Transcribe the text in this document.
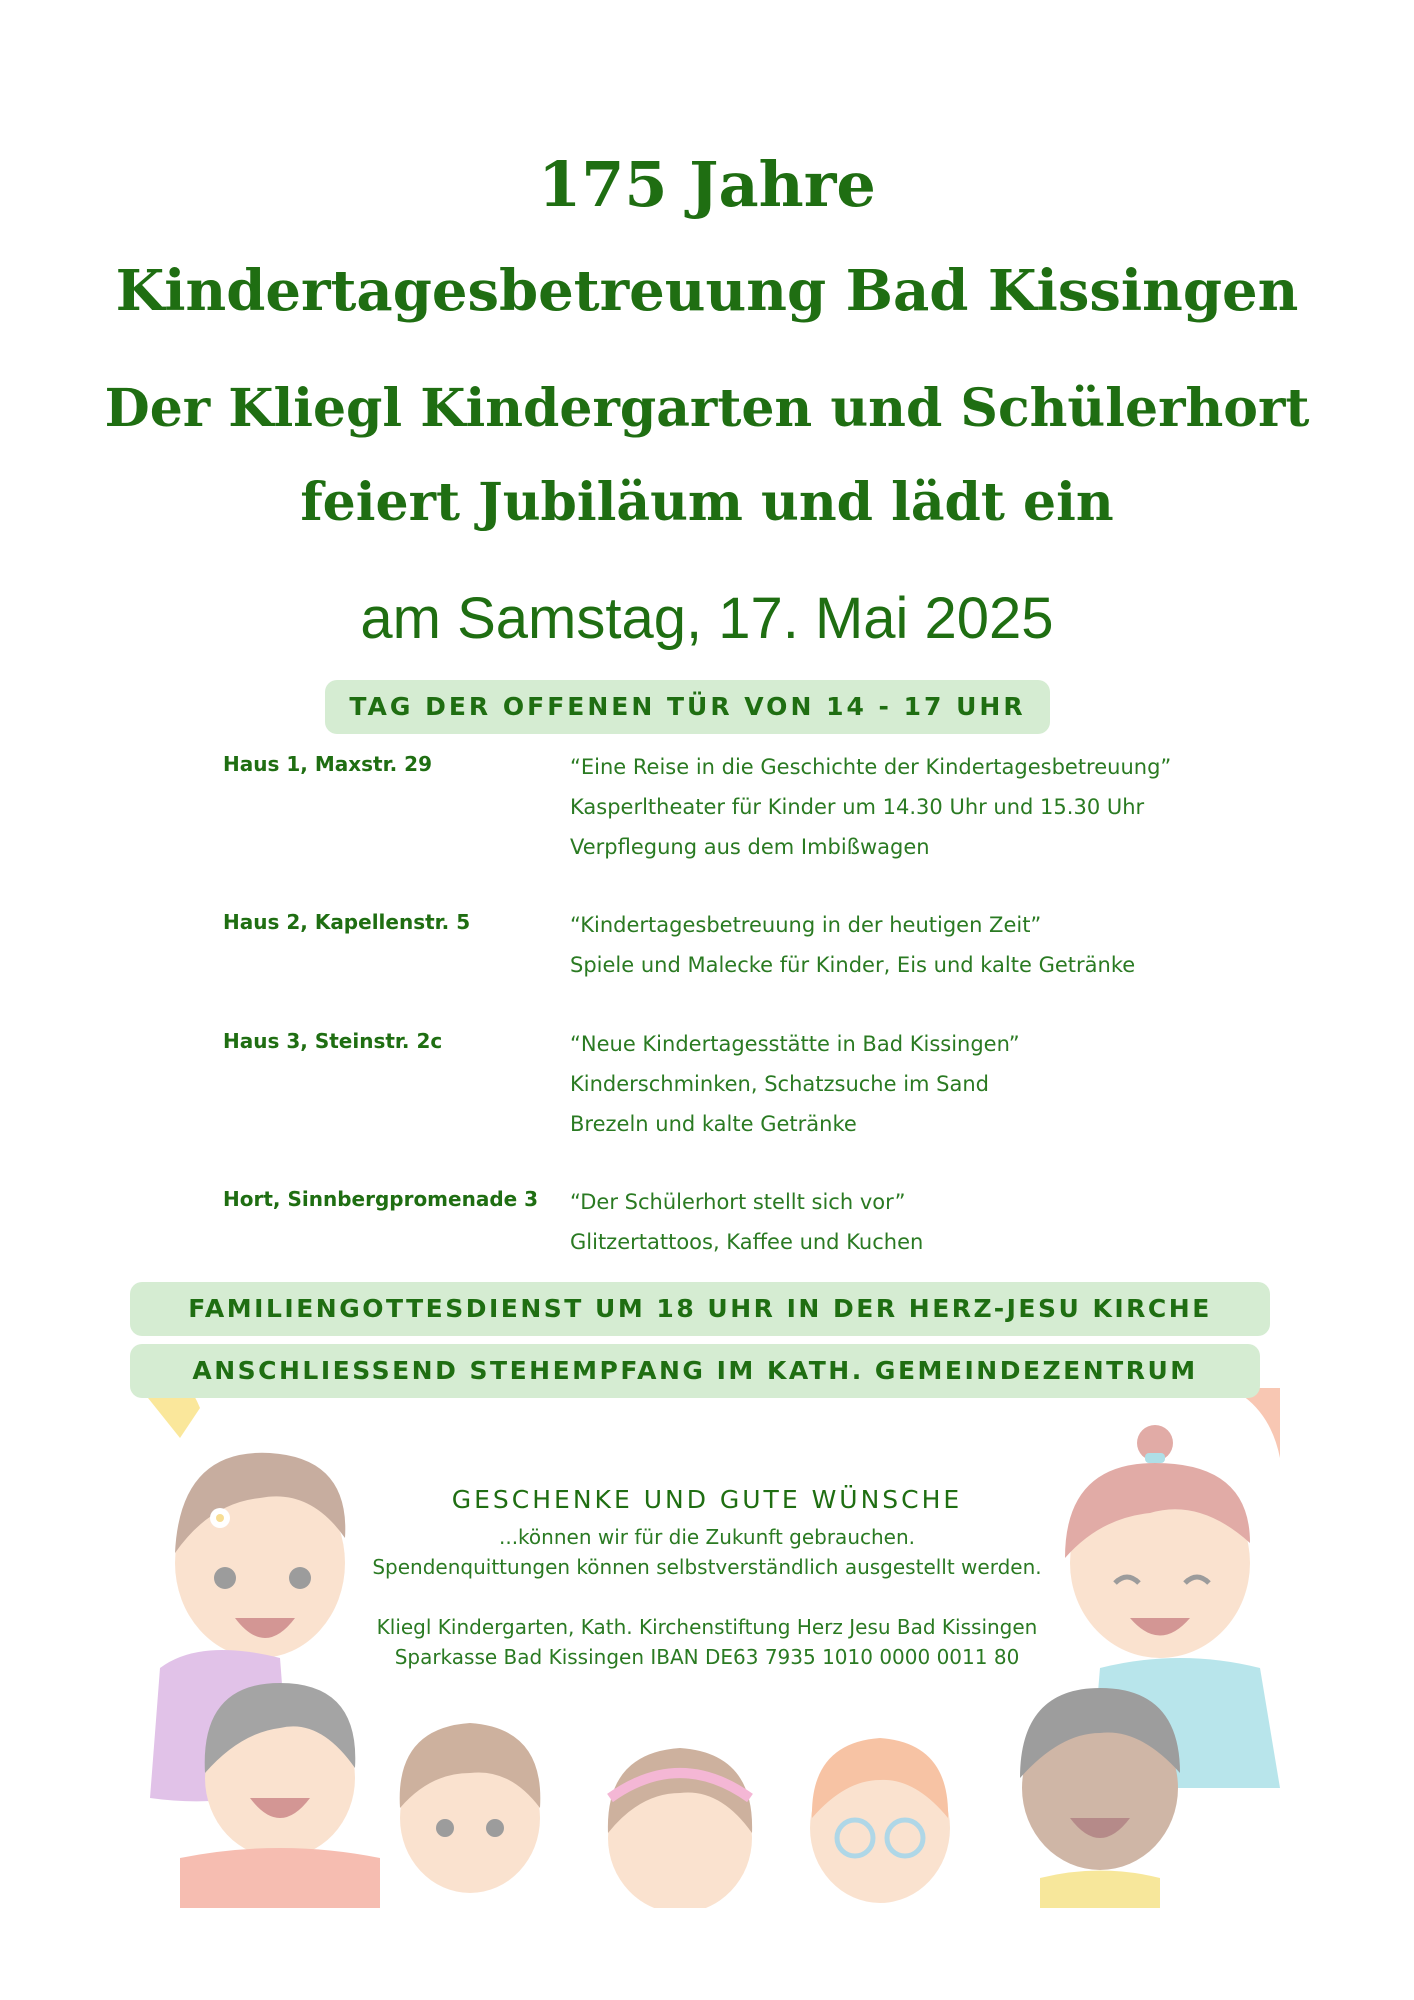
175 Jahre
Kindertagesbetreuung Bad Kissingen
Der Kliegl Kindergarten und Schülerhort
feiert Jubiläum und lädt ein
am Samstag, 17. Mai 2025
TAG DER OFFENEN TÜR VON 14 - 17 UHR
Haus 1, Maxstr. 29	“Eine Reise in die Geschichte der Kindertagesbetreuung”
Kasperltheater für Kinder um 14.30 Uhr und 15.30 Uhr
Verpflegung aus dem Imbißwagen
Haus 2, Kapellenstr. 5	“Kindertagesbetreuung in der heutigen Zeit”
Spiele und Malecke für Kinder, Eis und kalte Getränke
Haus 3, Steinstr. 2c	“Neue Kindertagesstätte in Bad Kissingen”
Kinderschminken, Schatzsuche im Sand
Brezeln und kalte Getränke
Hort, Sinnbergpromenade 3 “Der Schülerhort stellt sich vor”
Glitzertattoos, Kaffee und Kuchen
FAMILIENGOTTESDIENST UM 18 UHR IN DER HERZ-JESU KIRCHE
ANSCHLIESSEND STEHEMPFANG IM KATH. GEMEINDEZENTRUM
GESCHENKE UND GUTE WÜNSCHE
...können wir für die Zukunft gebrauchen.
Spendenquittungen können selbstverständlich ausgestellt werden.
Kliegl Kindergarten, Kath. Kirchenstiftung Herz Jesu Bad Kissingen
Sparkasse Bad Kissingen IBAN DE63 7935 1010 0000 0011 80
